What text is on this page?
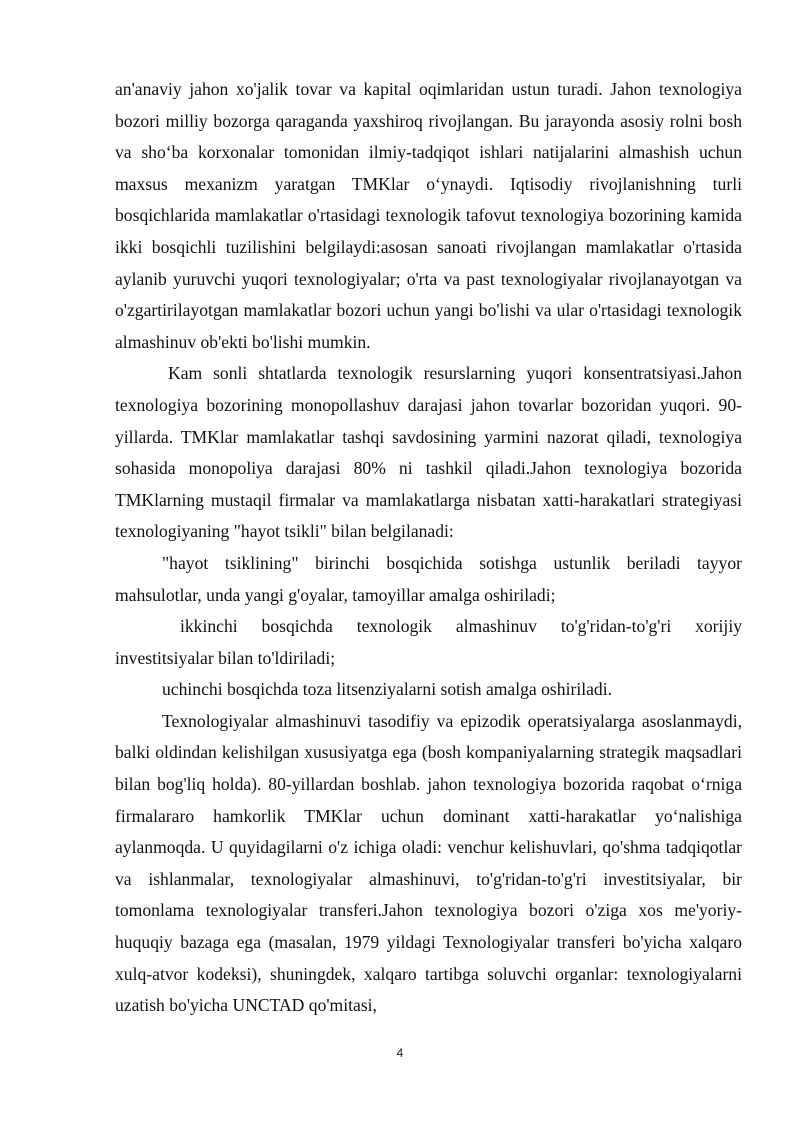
an'anaviy jahon xo'jalik tovar va kapital oqimlaridan ustun turadi. Jahon texnologiya bozori milliy bozorga qaraganda yaxshiroq rivojlangan. Bu jarayonda asosiy rolni bosh va sho‘ba korxonalar tomonidan ilmiy-tadqiqot ishlari natijalarini almashish uchun maxsus mexanizm yaratgan TMKlar o‘ynaydi. Iqtisodiy rivojlanishning turli bosqichlarida mamlakatlar o'rtasidagi texnologik tafovut texnologiya bozorining kamida ikki bosqichli tuzilishini belgilaydi:asosan sanoati rivojlangan mamlakatlar o'rtasida aylanib yuruvchi yuqori texnologiyalar; o'rta va past texnologiyalar rivojlanayotgan va o'zgartirilayotgan mamlakatlar bozori uchun yangi bo'lishi va ular o'rtasidagi texnologik almashinuv ob'ekti bo'lishi mumkin.

Kam sonli shtatlarda texnologik resurslarning yuqori konsentratsiyasi.Jahon texnologiya bozorining monopollashuv darajasi jahon tovarlar bozoridan yuqori. 90-yillarda. TMKlar mamlakatlar tashqi savdosining yarmini nazorat qiladi, texnologiya sohasida monopoliya darajasi 80% ni tashkil qiladi.Jahon texnologiya bozorida TMKlarning mustaqil firmalar va mamlakatlarga nisbatan xatti-harakatlari strategiyasi texnologiyaning "hayot tsikli" bilan belgilanadi:

"hayot tsiklining" birinchi bosqichida sotishga ustunlik beriladi tayyor mahsulotlar, unda yangi g'oyalar, tamoyillar amalga oshiriladi;

ikkinchi bosqichda texnologik almashinuv to'g'ridan-to'g'ri xorijiy investitsiyalar bilan to'ldiriladi;

uchinchi bosqichda toza litsenziyalarni sotish amalga oshiriladi.

Texnologiyalar almashinuvi tasodifiy va epizodik operatsiyalarga asoslanmaydi, balki oldindan kelishilgan xususiyatga ega (bosh kompaniyalarning strategik maqsadlari bilan bog'liq holda). 80-yillardan boshlab. jahon texnologiya bozorida raqobat o‘rniga firmalararo hamkorlik TMKlar uchun dominant xatti-harakatlar yo‘nalishiga aylanmoqda. U quyidagilarni o'z ichiga oladi: venchur kelishuvlari, qo'shma tadqiqotlar va ishlanmalar, texnologiyalar almashinuvi, to'g'ridan-to'g'ri investitsiyalar, bir tomonlama texnologiyalar transferi.Jahon texnologiya bozori o'ziga xos me'yoriy-huquqiy bazaga ega (masalan, 1979 yildagi Texnologiyalar transferi bo'yicha xalqaro xulq-atvor kodeksi), shuningdek, xalqaro tartibga soluvchi organlar: texnologiyalarni uzatish bo'yicha UNCTAD qo'mitasi,

4
